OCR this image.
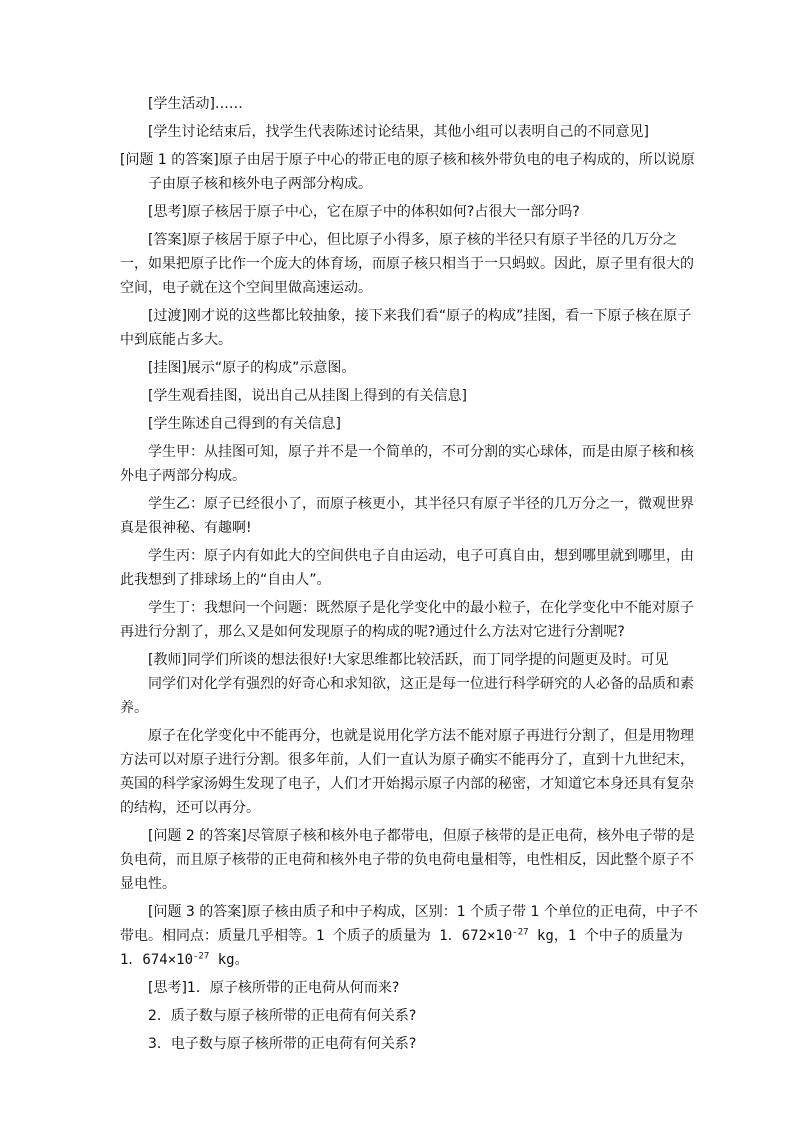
[学生活动]……

[学生讨论结束后，找学生代表陈述讨论结果，其他小组可以表明自己的不同意见]

[问题 1 的答案]原子由居于原子中心的带正电的原子核和核外带负电的电子构成的，所以说原子由原子核和核外电子两部分构成。

[思考]原子核居于原子中心，它在原子中的体积如何?占很大一部分吗?

[答案]原子核居于原子中心，但比原子小得多，原子核的半径只有原子半径的几万分之一，如果把原子比作一个庞大的体育场，而原子核只相当于一只蚂蚁。因此，原子里有很大的空间，电子就在这个空间里做高速运动。

[过渡]刚才说的这些都比较抽象，接下来我们看“原子的构成”挂图，看一下原子核在原子中到底能占多大。

[挂图]展示“原子的构成”示意图。

[学生观看挂图，说出自己从挂图上得到的有关信息]

[学生陈述自己得到的有关信息]

学生甲：从挂图可知，原子并不是一个简单的，不可分割的实心球体，而是由原子核和核外电子两部分构成。

学生乙：原子已经很小了，而原子核更小，其半径只有原子半径的几万分之一，微观世界真是很神秘、有趣啊!

学生丙：原子内有如此大的空间供电子自由运动，电子可真自由，想到哪里就到哪里，由此我想到了排球场上的“自由人”。

学生丁：我想问一个问题：既然原子是化学变化中的最小粒子，在化学变化中不能对原子再进行分割了，那么又是如何发现原子的构成的呢?通过什么方法对它进行分割呢?

[教师]同学们所谈的想法很好!大家思维都比较活跃，而丁同学提的问题更及时。可见

同学们对化学有强烈的好奇心和求知欲，这正是每一位进行科学研究的人必备的品质和素养。

原子在化学变化中不能再分，也就是说用化学方法不能对原子再进行分割了，但是用物理方法可以对原子进行分割。很多年前，人们一直认为原子确实不能再分了，直到十九世纪末，英国的科学家汤姆生发现了电子，人们才开始揭示原子内部的秘密，才知道它本身还具有复杂的结构，还可以再分。

[问题 2 的答案]尽管原子核和核外电子都带电，但原子核带的是正电荷，核外电子带的是负电荷，而且原子核带的正电荷和核外电子带的负电荷电量相等，电性相反，因此整个原子不显电性。

[问题 3 的答案]原子核由质子和中子构成，区别：1 个质子带 1 个单位的正电荷，中子不带电。相同点：质量几乎相等。1 个质子的质量为 1．$672\times 10^{-27}$ kg，1 个中子的质量为 1．$674\times 10^{-27}$ kg。

[思考]1．原子核所带的正电荷从何而来?

2．质子数与原子核所带的正电荷有何关系?

3．电子数与原子核所带的正电荷有何关系?
